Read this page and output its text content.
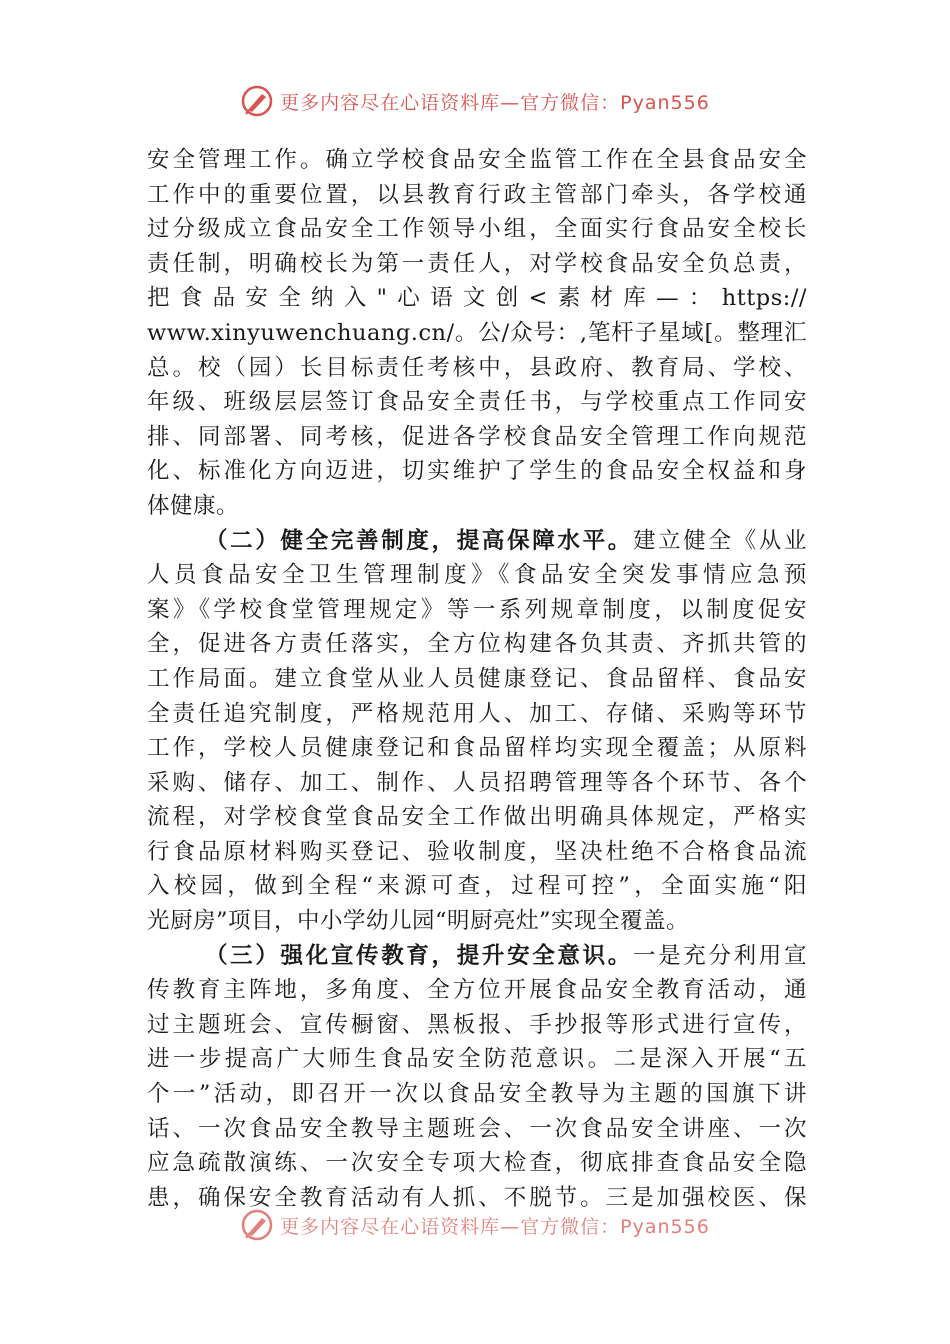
更多内容尽在心语资料库—官方微信：Pyan556
安全管理工作。确立学校食品安全监管工作在全县食品安全
工作中的重要位置，以县教育行政主管部门牵头，各学校通
过分级成立食品安全工作领导小组，全面实行食品安全校长
责任制，明确校长为第一责任人，对学校食品安全负总责，
把食品安全纳入"心语文创<素材库—：https://
www.xinyuwenchuang.cn/。公/众号：,笔杆子星域[。整理汇
总。校（园）长目标责任考核中，县政府、教育局、学校、
年级、班级层层签订食品安全责任书，与学校重点工作同安
排、同部署、同考核，促进各学校食品安全管理工作向规范
化、标准化方向迈进，切实维护了学生的食品安全权益和身
体健康。
（二）健全完善制度，提高保障水平。建立健全《从业
人员食品安全卫生管理制度》《食品安全突发事情应急预
案》《学校食堂管理规定》等一系列规章制度，以制度促安
全，促进各方责任落实，全方位构建各负其责、齐抓共管的
工作局面。建立食堂从业人员健康登记、食品留样、食品安
全责任追究制度，严格规范用人、加工、存储、采购等环节
工作，学校人员健康登记和食品留样均实现全覆盖；从原料
采购、储存、加工、制作、人员招聘管理等各个环节、各个
流程，对学校食堂食品安全工作做出明确具体规定，严格实
行食品原材料购买登记、验收制度，坚决杜绝不合格食品流
入校园，做到全程“来源可查，过程可控”，全面实施“阳
光厨房”项目，中小学幼儿园“明厨亮灶”实现全覆盖。
（三）强化宣传教育，提升安全意识。一是充分利用宣
传教育主阵地，多角度、全方位开展食品安全教育活动，通
过主题班会、宣传橱窗、黑板报、手抄报等形式进行宣传，
进一步提高广大师生食品安全防范意识。二是深入开展“五
个一”活动，即召开一次以食品安全教导为主题的国旗下讲
话、一次食品安全教导主题班会、一次食品安全讲座、一次
应急疏散演练、一次安全专项大检查，彻底排查食品安全隐
患，确保安全教育活动有人抓、不脱节。三是加强校医、保
更多内容尽在心语资料库—官方微信：Pyan556
